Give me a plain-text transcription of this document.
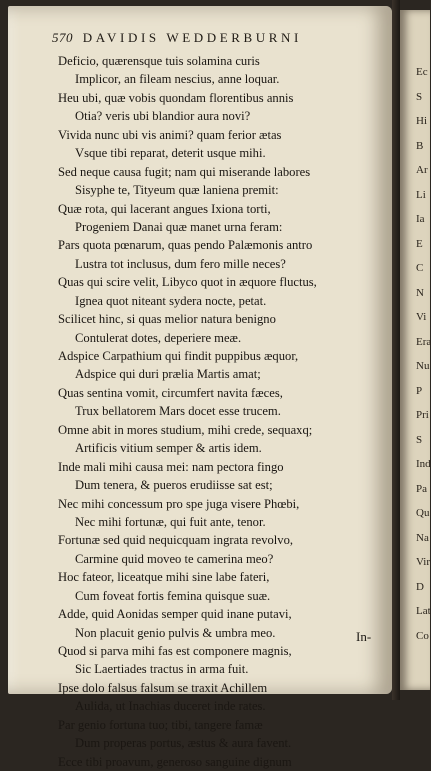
Ec
S
Hi
B
Ar
Li
Ia
E
C
N
Vi
Era
Nu
P
Pri
S
Ind
Pa
Qu
Na
Vir
D
Lat
Co
570 DAVIDIS WEDDERBURNI
Deficio, quærensque tuis solamina curis
Implicor, an fileam nescius, anne loquar.
Heu ubi, quæ vobis quondam florentibus annis
Otia? veris ubi blandior aura novi?
Vivida nunc ubi vis animi? quam ferior ætas
Vsque tibi reparat, deterit usque mihi.
Sed neque causa fugit; nam qui miserande labores
Sisyphe te, Tityeum quæ laniena premit:
Quæ rota, qui lacerant angues Ixiona torti,
Progeniem Danai quæ manet urna feram:
Pars quota pœnarum, quas pendo Palæmonis antro
Lustra tot inclusus, dum fero mille neces?
Quas qui scire velit, Libyco quot in æquore fluctus,
Ignea quot niteant sydera nocte, petat.
Scilicet hinc, si quas melior natura benigno
Contulerat dotes, deperiere meæ.
Adspice Carpathium qui findit puppibus æquor,
Adspice qui duri prælia Martis amat;
Quas sentina vomit, circumfert navita fæces,
Trux bellatorem Mars docet esse trucem.
Omne abit in mores studium, mihi crede, sequaxq;
Artificis vitium semper & artis idem.
Inde mali mihi causa mei: nam pectora fingo
Dum tenera, & pueros erudiisse sat est;
Nec mihi concessum pro spe juga visere Phœbi,
Nec mihi fortunæ, qui fuit ante, tenor.
Fortunæ sed quid nequicquam ingrata revolvo,
Carmine quid moveo te camerina meo?
Hoc fateor, liceatque mihi sine labe fateri,
Cum foveat fortis femina quisque suæ.
Adde, quid Aonidas semper quid inane putavi,
Non placuit genio pulvis & umbra meo.
Quod si parva mihi fas est componere magnis,
Sic Laertiades tractus in arma fuit.
Ipse dolo falsus falsum se traxit Achillem
Aulida, ut Inachias duceret inde rates.
Par genio fortuna tuo; tibi, tangere famæ
Dum properas portus, æstus & aura favent.
Ecce tibi proavum, generoso sanguine dignum
In-
